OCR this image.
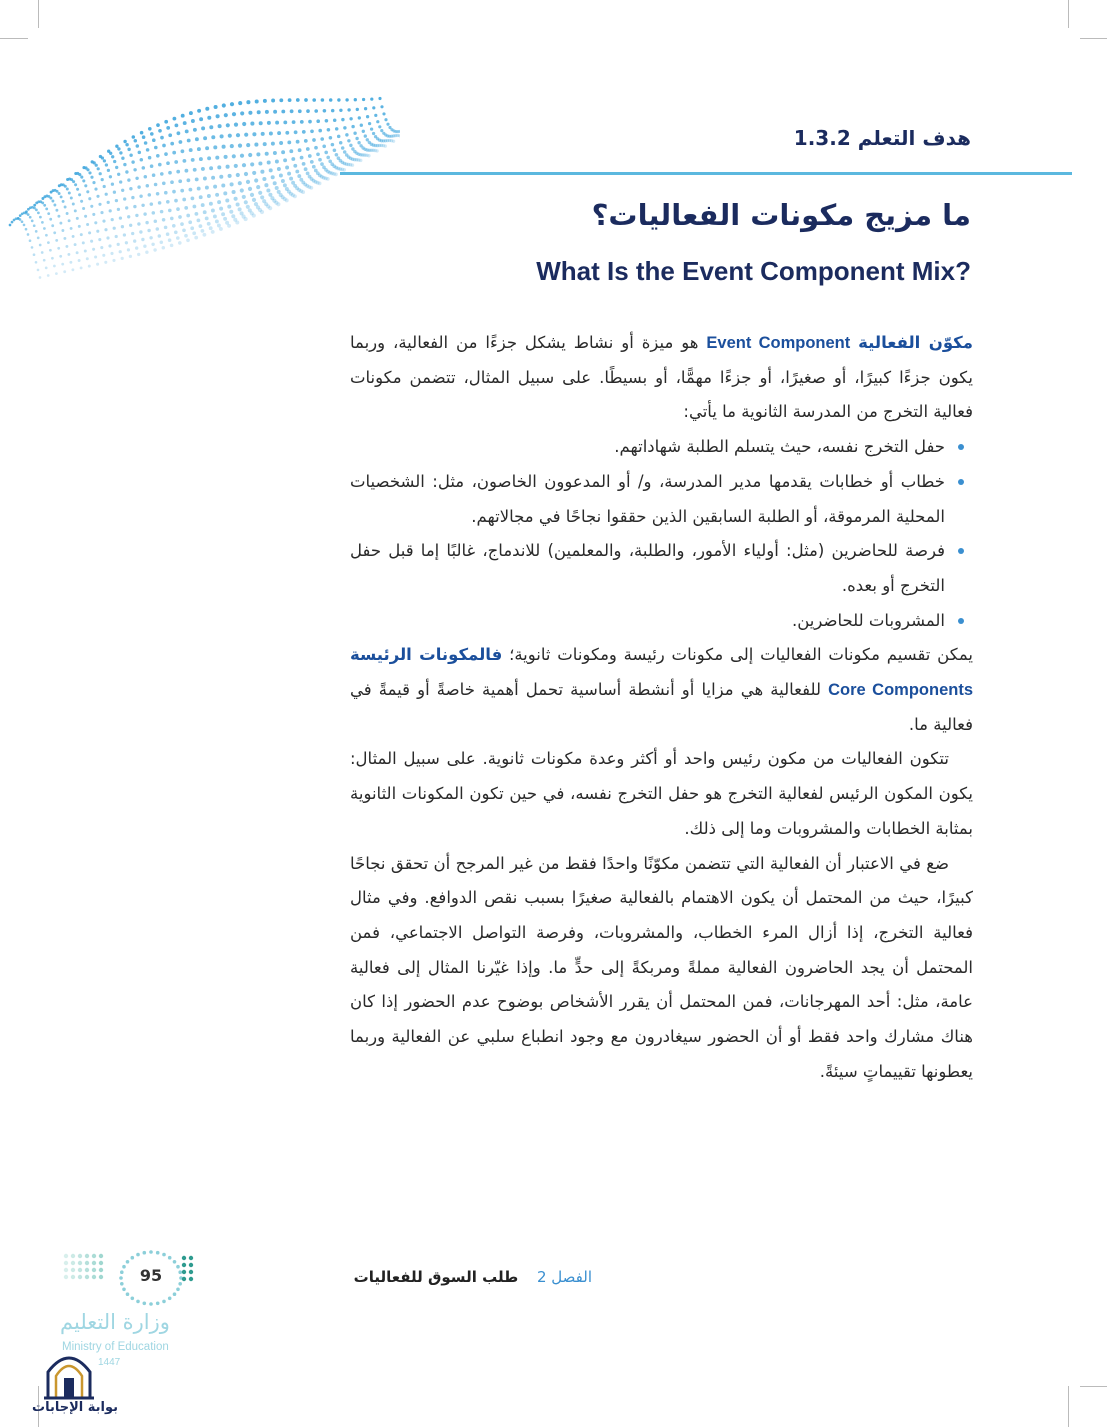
هدف التعلم 1.3.2
ما مزيج مكونات الفعاليات؟
What Is the Event Component Mix?

مكوّن الفعالية Event Component هو ميزة أو نشاط يشكل جزءًا من الفعالية، وربما يكون جزءًا كبيرًا، أو صغيرًا، أو جزءًا مهمًّا، أو بسيطًا. على سبيل المثال، تتضمن مكونات فعالية التخرج من المدرسة الثانوية ما يأتي:

حفل التخرج نفسه، حيث يتسلم الطلبة شهاداتهم.
خطاب أو خطابات يقدمها مدير المدرسة، و/ أو المدعوون الخاصون، مثل: الشخصيات المحلية المرموقة، أو الطلبة السابقين الذين حققوا نجاحًا في مجالاتهم.
فرصة للحاضرين (مثل: أولياء الأمور، والطلبة، والمعلمين) للاندماج، غالبًا إما قبل حفل التخرج أو بعده.
المشروبات للحاضرين.

يمكن تقسيم مكونات الفعاليات إلى مكونات رئيسة ومكونات ثانوية؛ فالمكونات الرئيسة Core Components للفعالية هي مزايا أو أنشطة أساسية تحمل أهمية خاصةً أو قيمةً في فعالية ما.

تتكون الفعاليات من مكون رئيس واحد أو أكثر وعدة مكونات ثانوية. على سبيل المثال: يكون المكون الرئيس لفعالية التخرج هو حفل التخرج نفسه، في حين تكون المكونات الثانوية بمثابة الخطابات والمشروبات وما إلى ذلك.

ضع في الاعتبار أن الفعالية التي تتضمن مكوّنًا واحدًا فقط من غير المرجح أن تحقق نجاحًا كبيرًا، حيث من المحتمل أن يكون الاهتمام بالفعالية صغيرًا بسبب نقص الدوافع. وفي مثال فعالية التخرج، إذا أزال المرء الخطاب، والمشروبات، وفرصة التواصل الاجتماعي، فمن المحتمل أن يجد الحاضرون الفعالية مملةً ومربكةً إلى حدٍّ ما. وإذا غيّرنا المثال إلى فعالية عامة، مثل: أحد المهرجانات، فمن المحتمل أن يقرر الأشخاص بوضوح عدم الحضور إذا كان هناك مشارك واحد فقط أو أن الحضور سيغادرون مع وجود انطباع سلبي عن الفعالية وربما يعطونها تقييماتٍ سيئةً.

الفصل 2 طلب السوق للفعاليات
95
وزارة التعليم
Ministry of Education
1447
بوابة الإجابات
